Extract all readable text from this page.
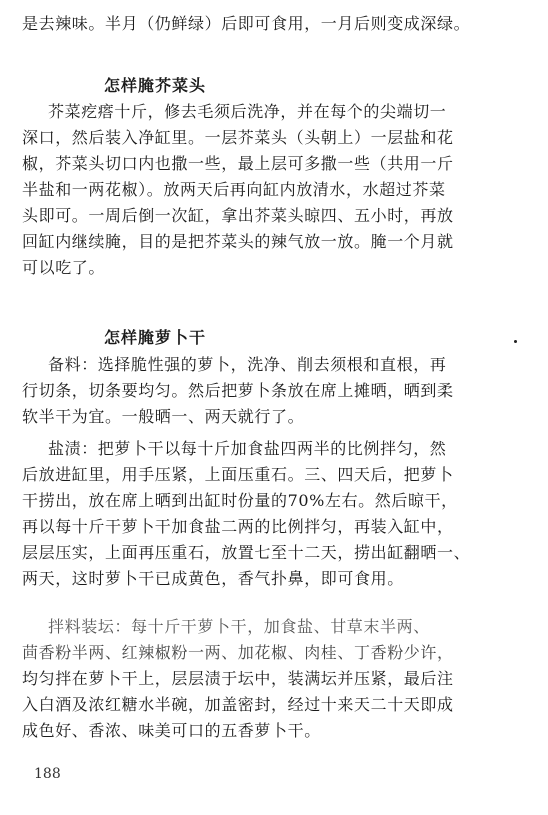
是去辣味。半月（仍鲜绿）后即可食用，一月后则变成深绿。
怎样腌芥菜头
芥菜疙瘩十斤，修去毛须后洗净，并在每个的尖端切一
深口，然后装入净缸里。一层芥菜头（头朝上）一层盐和花
椒，芥菜头切口内也撒一些，最上层可多撒一些（共用一斤
半盐和一两花椒）。放两天后再向缸内放清水，水超过芥菜
头即可。一周后倒一次缸，拿出芥菜头晾四、五小时，再放
回缸内继续腌，目的是把芥菜头的辣气放一放。腌一个月就
可以吃了。
怎样腌萝卜干
备料：选择脆性强的萝卜，洗净、削去须根和直根，再
行切条，切条要均匀。然后把萝卜条放在席上摊晒，晒到柔
软半干为宜。一般晒一、两天就行了。
盐渍：把萝卜干以每十斤加食盐四两半的比例拌匀，然
后放进缸里，用手压紧，上面压重石。三、四天后，把萝卜
干捞出，放在席上晒到出缸时份量的70%左右。然后晾干，
再以每十斤干萝卜干加食盐二两的比例拌匀，再装入缸中，
层层压实，上面再压重石，放置七至十二天，捞出缸翻晒一、
两天，这时萝卜干已成黄色，香气扑鼻，即可食用。
拌料装坛：每十斤干萝卜干，加食盐、甘草末半两、
茴香粉半两、红辣椒粉一两、加花椒、肉桂、丁香粉少许，
均匀拌在萝卜干上，层层渍于坛中，装满坛并压紧，最后注
入白酒及浓红糖水半碗，加盖密封，经过十来天二十天即成
成色好、香浓、味美可口的五香萝卜干。
188
